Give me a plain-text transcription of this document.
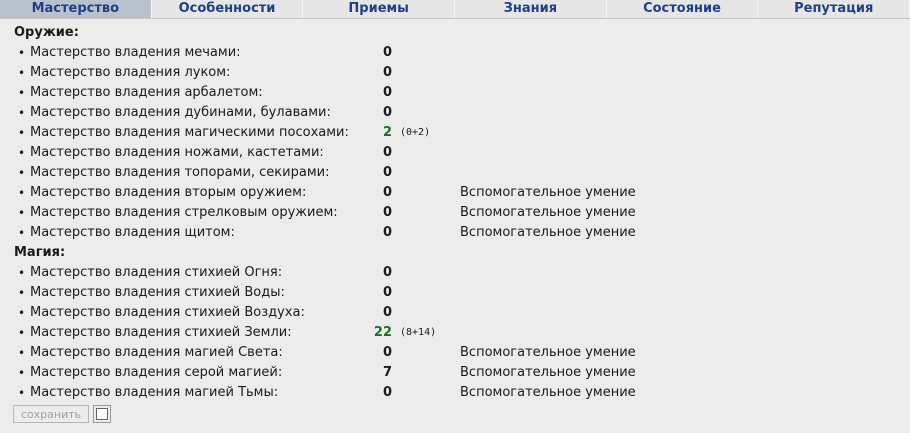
Мастерство	Особенности	Приемы	Знания	Состояние	Репутация
Оружие:
• Мастерство владения мечами:	0
• Мастерство владения луком:	0
• Мастерство владения арбалетом:	0
• Мастерство владения дубинами, булавами:	0
• Мастерство владения магическими посохами:	2 (0+2)
• Мастерство владения ножами, кастетами:	0
• Мастерство владения топорами, секирами:	0
• Мастерство владения вторым оружием:	0	Вспомогательное умение
• Мастерство владения стрелковым оружием:	0	Вспомогательное умение
• Мастерство владения щитом:	0	Вспомогательное умение
Магия:
• Мастерство владения стихией Огня:	0
• Мастерство владения стихией Воды:	0
• Мастерство владения стихией Воздуха:	0
• Мастерство владения стихией Земли:	22 (8+14)
• Мастерство владения магией Света:	0	Вспомогательное умение
• Мастерство владения серой магией:	7	Вспомогательное умение
• Мастерство владения магией Тьмы:	0	Вспомогательное умение
сохранить
